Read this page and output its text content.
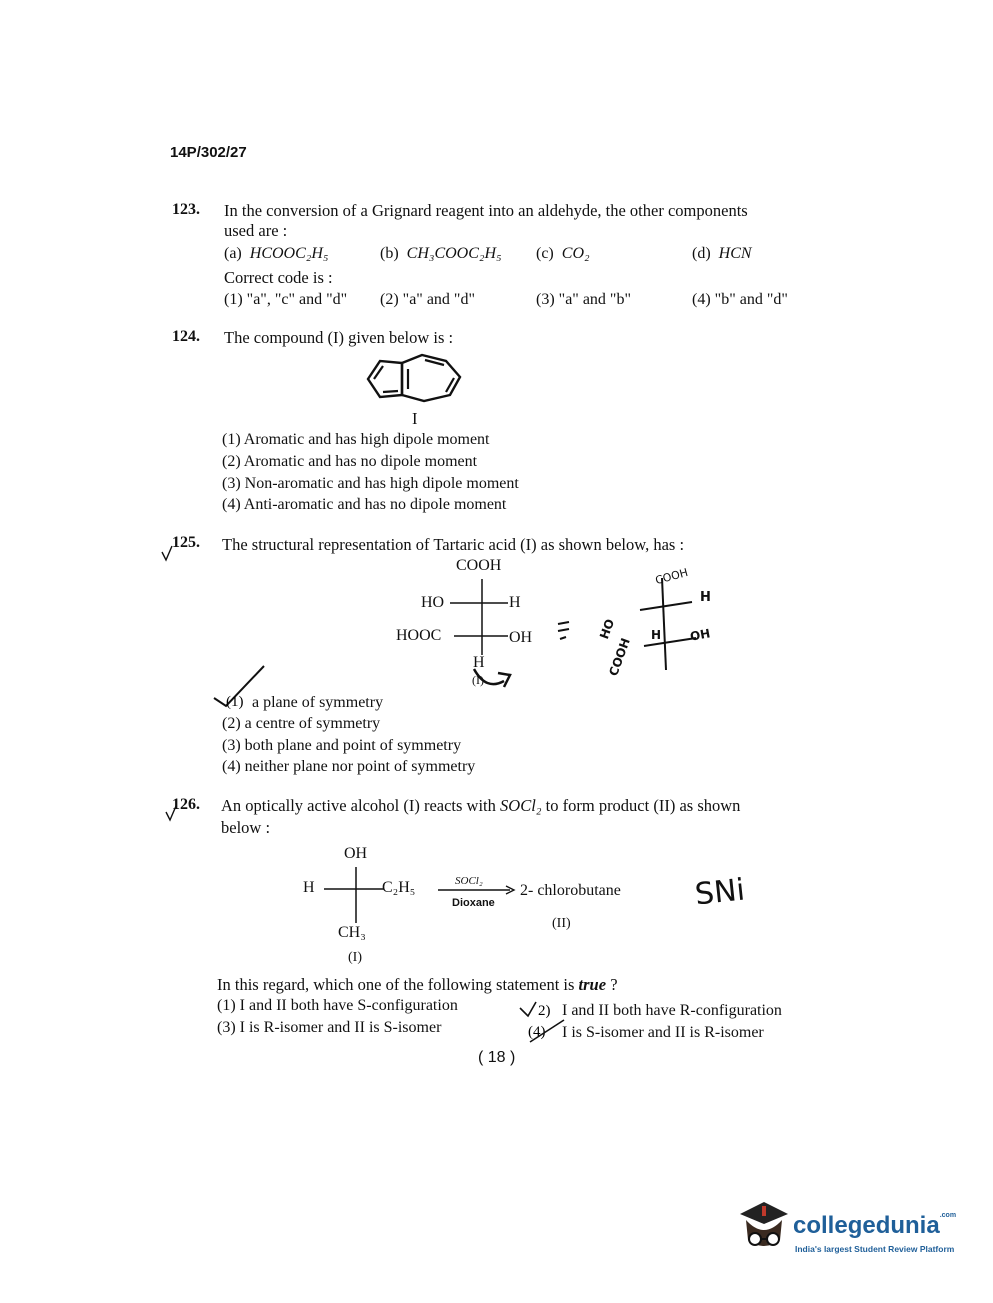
14P/302/27
123. In the conversion of a Grignard reagent into an aldehyde, the other components
used are :
(a) HCOOC₂H₅	(b) CH₃COOC₂H₅ (c) CO₂	(d) HCN
Correct code is :
(1) "a", "c" and "d" (2) "a" and "d"	(3) "a" and "b"	(4) "b" and "d"
124. The compound (I) given below is :
I
(1) Aromatic and has high dipole moment
(2) Aromatic and has no dipole moment
(3) Non-aromatic and has high dipole moment
(4) Anti-aromatic and has no dipole moment
125. The structural representation of Tartaric acid (I) as shown below, has :
COOH
HO	H
HOOC	OH
H
(I)
COOH
H
OH
HO	H
COOH
(1) a plane of symmetry
(2) a centre of symmetry
(3) both plane and point of symmetry
(4) neither plane nor point of symmetry
126. An optically active alcohol (I) reacts with SOCl₂ to form product (II) as shown
below :
OH
H	C₂H₅
CH₃
(I)
SOCl₂
Dioxane
2- chlorobutane
(II)
SNi
In this regard, which one of the following statement is true ?
(1) I and II both have S-configuration	2) I and II both have R-configuration
(3) I is R-isomer and II is S-isomer	(4) I is S-isomer and II is R-isomer
( 18 )
collegedunia$^{.com}$
India's largest Student Review Platform
